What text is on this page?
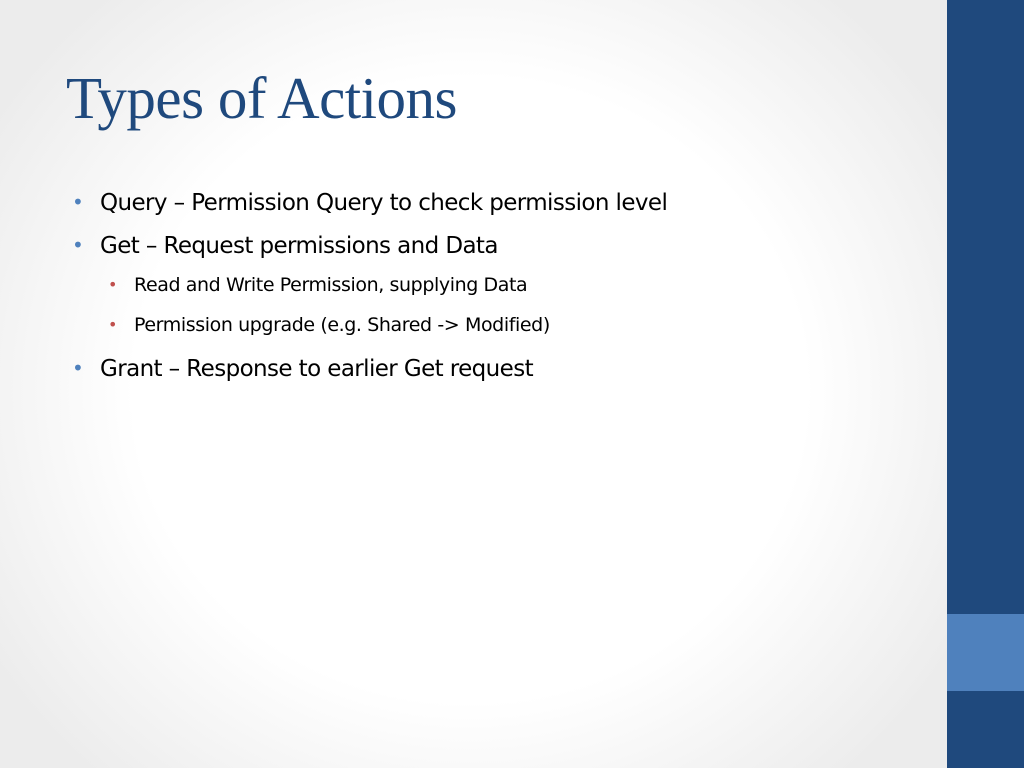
Types of Actions
• Query – Permission Query to check permission level
• Get – Request permissions and Data
• Read and Write Permission, supplying Data
• Permission upgrade (e.g. Shared -> Modified)
• Grant – Response to earlier Get request
